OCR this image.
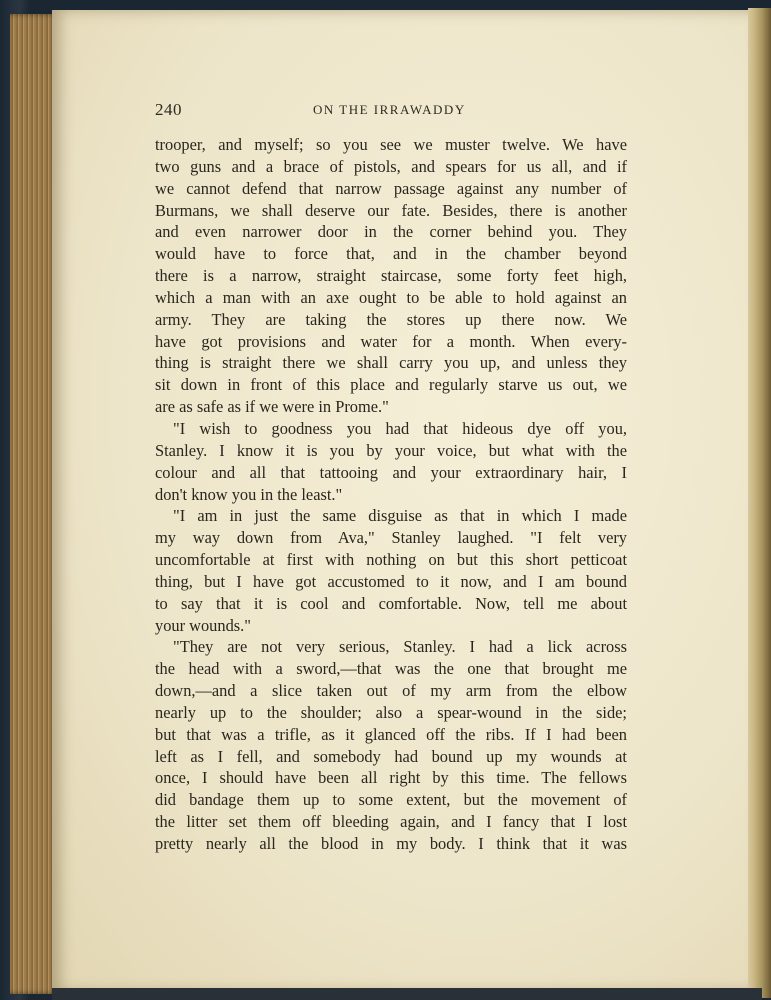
240	ON THE IRRAWADDY
trooper, and myself; so you see we muster twelve. We have
two guns and a brace of pistols, and spears for us all, and if
we cannot defend that narrow passage against any number of
Burmans, we shall deserve our fate. Besides, there is another
and even narrower door in the corner behind you. They
would have to force that, and in the chamber beyond
there is a narrow, straight staircase, some forty feet high,
which a man with an axe ought to be able to hold against an
army. They are taking the stores up there now. We
have got provisions and water for a month. When every-
thing is straight there we shall carry you up, and unless they
sit down in front of this place and regularly starve us out, we
are as safe as if we were in Prome."
"I wish to goodness you had that hideous dye off you,
Stanley. I know it is you by your voice, but what with the
colour and all that tattooing and your extraordinary hair, I
don't know you in the least."
"I am in just the same disguise as that in which I made
my way down from Ava," Stanley laughed. "I felt very
uncomfortable at first with nothing on but this short petticoat
thing, but I have got accustomed to it now, and I am bound
to say that it is cool and comfortable. Now, tell me about
your wounds."
"They are not very serious, Stanley. I had a lick across
the head with a sword,—that was the one that brought me
down,—and a slice taken out of my arm from the elbow
nearly up to the shoulder; also a spear-wound in the side;
but that was a trifle, as it glanced off the ribs. If I had been
left as I fell, and somebody had bound up my wounds at
once, I should have been all right by this time. The fellows
did bandage them up to some extent, but the movement of
the litter set them off bleeding again, and I fancy that I lost
pretty nearly all the blood in my body. I think that it was
